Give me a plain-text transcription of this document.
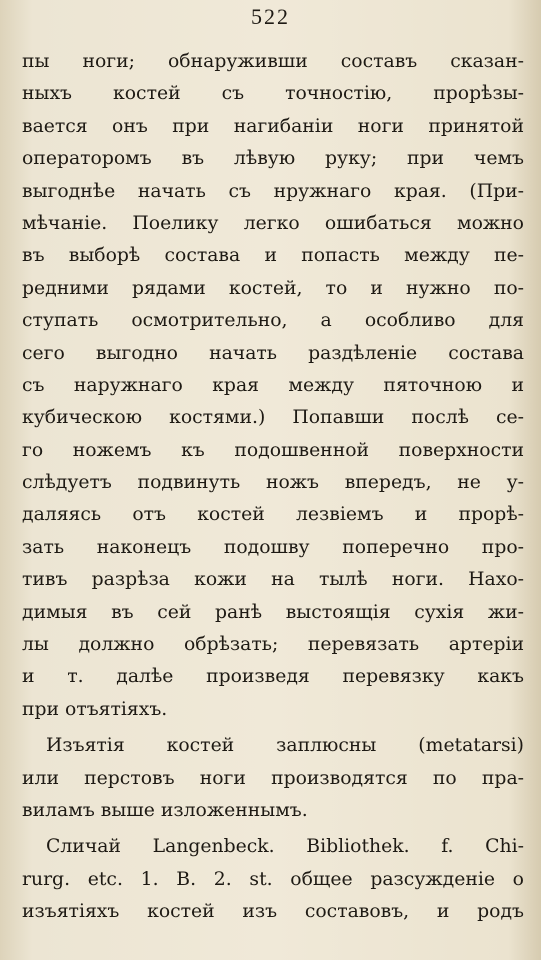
522
пы ноги; обнаруживши составъ сказан-
ныхъ костей съ точностію, прорѣзы-
вается онъ при нагибаніи ноги принятой
операторомъ въ лѣвую руку; при чемъ
выгоднѣе начать съ нружнаго края. (При-
мѣчаніе. Поелику легко ошибаться можно
въ выборѣ состава и попасть между пе-
редними рядами костей, то и нужно по-
ступать осмотрительно, а особливо для
сего выгодно начать раздѣленіе состава
съ наружнаго края между пяточною и
кубическою костями.) Попавши послѣ се-
го ножемъ къ подошвенной поверхности
слѣдуетъ подвинуть ножъ впередъ, не у-
даляясь отъ костей лезвіемъ и прорѣ-
зать наконецъ подошву поперечно про-
тивъ разрѣза кожи на тылѣ ноги. Нахо-
димыя въ сей ранѣ выстоящія сухія жи-
лы должно обрѣзать; перевязать артеріи
и т. далѣе произведя перевязку какъ
при отъятіяхъ.
Изъятія костей заплюсны (metatarsi)
или перстовъ ноги производятся по пра-
виламъ выше изложеннымъ.
Сличай Langenbeck. Bibliothek. f. Chi-
rurg. etc. 1. B. 2. st. общее разсужденіе о
изъятіяхъ костей изъ составовъ, и родъ
